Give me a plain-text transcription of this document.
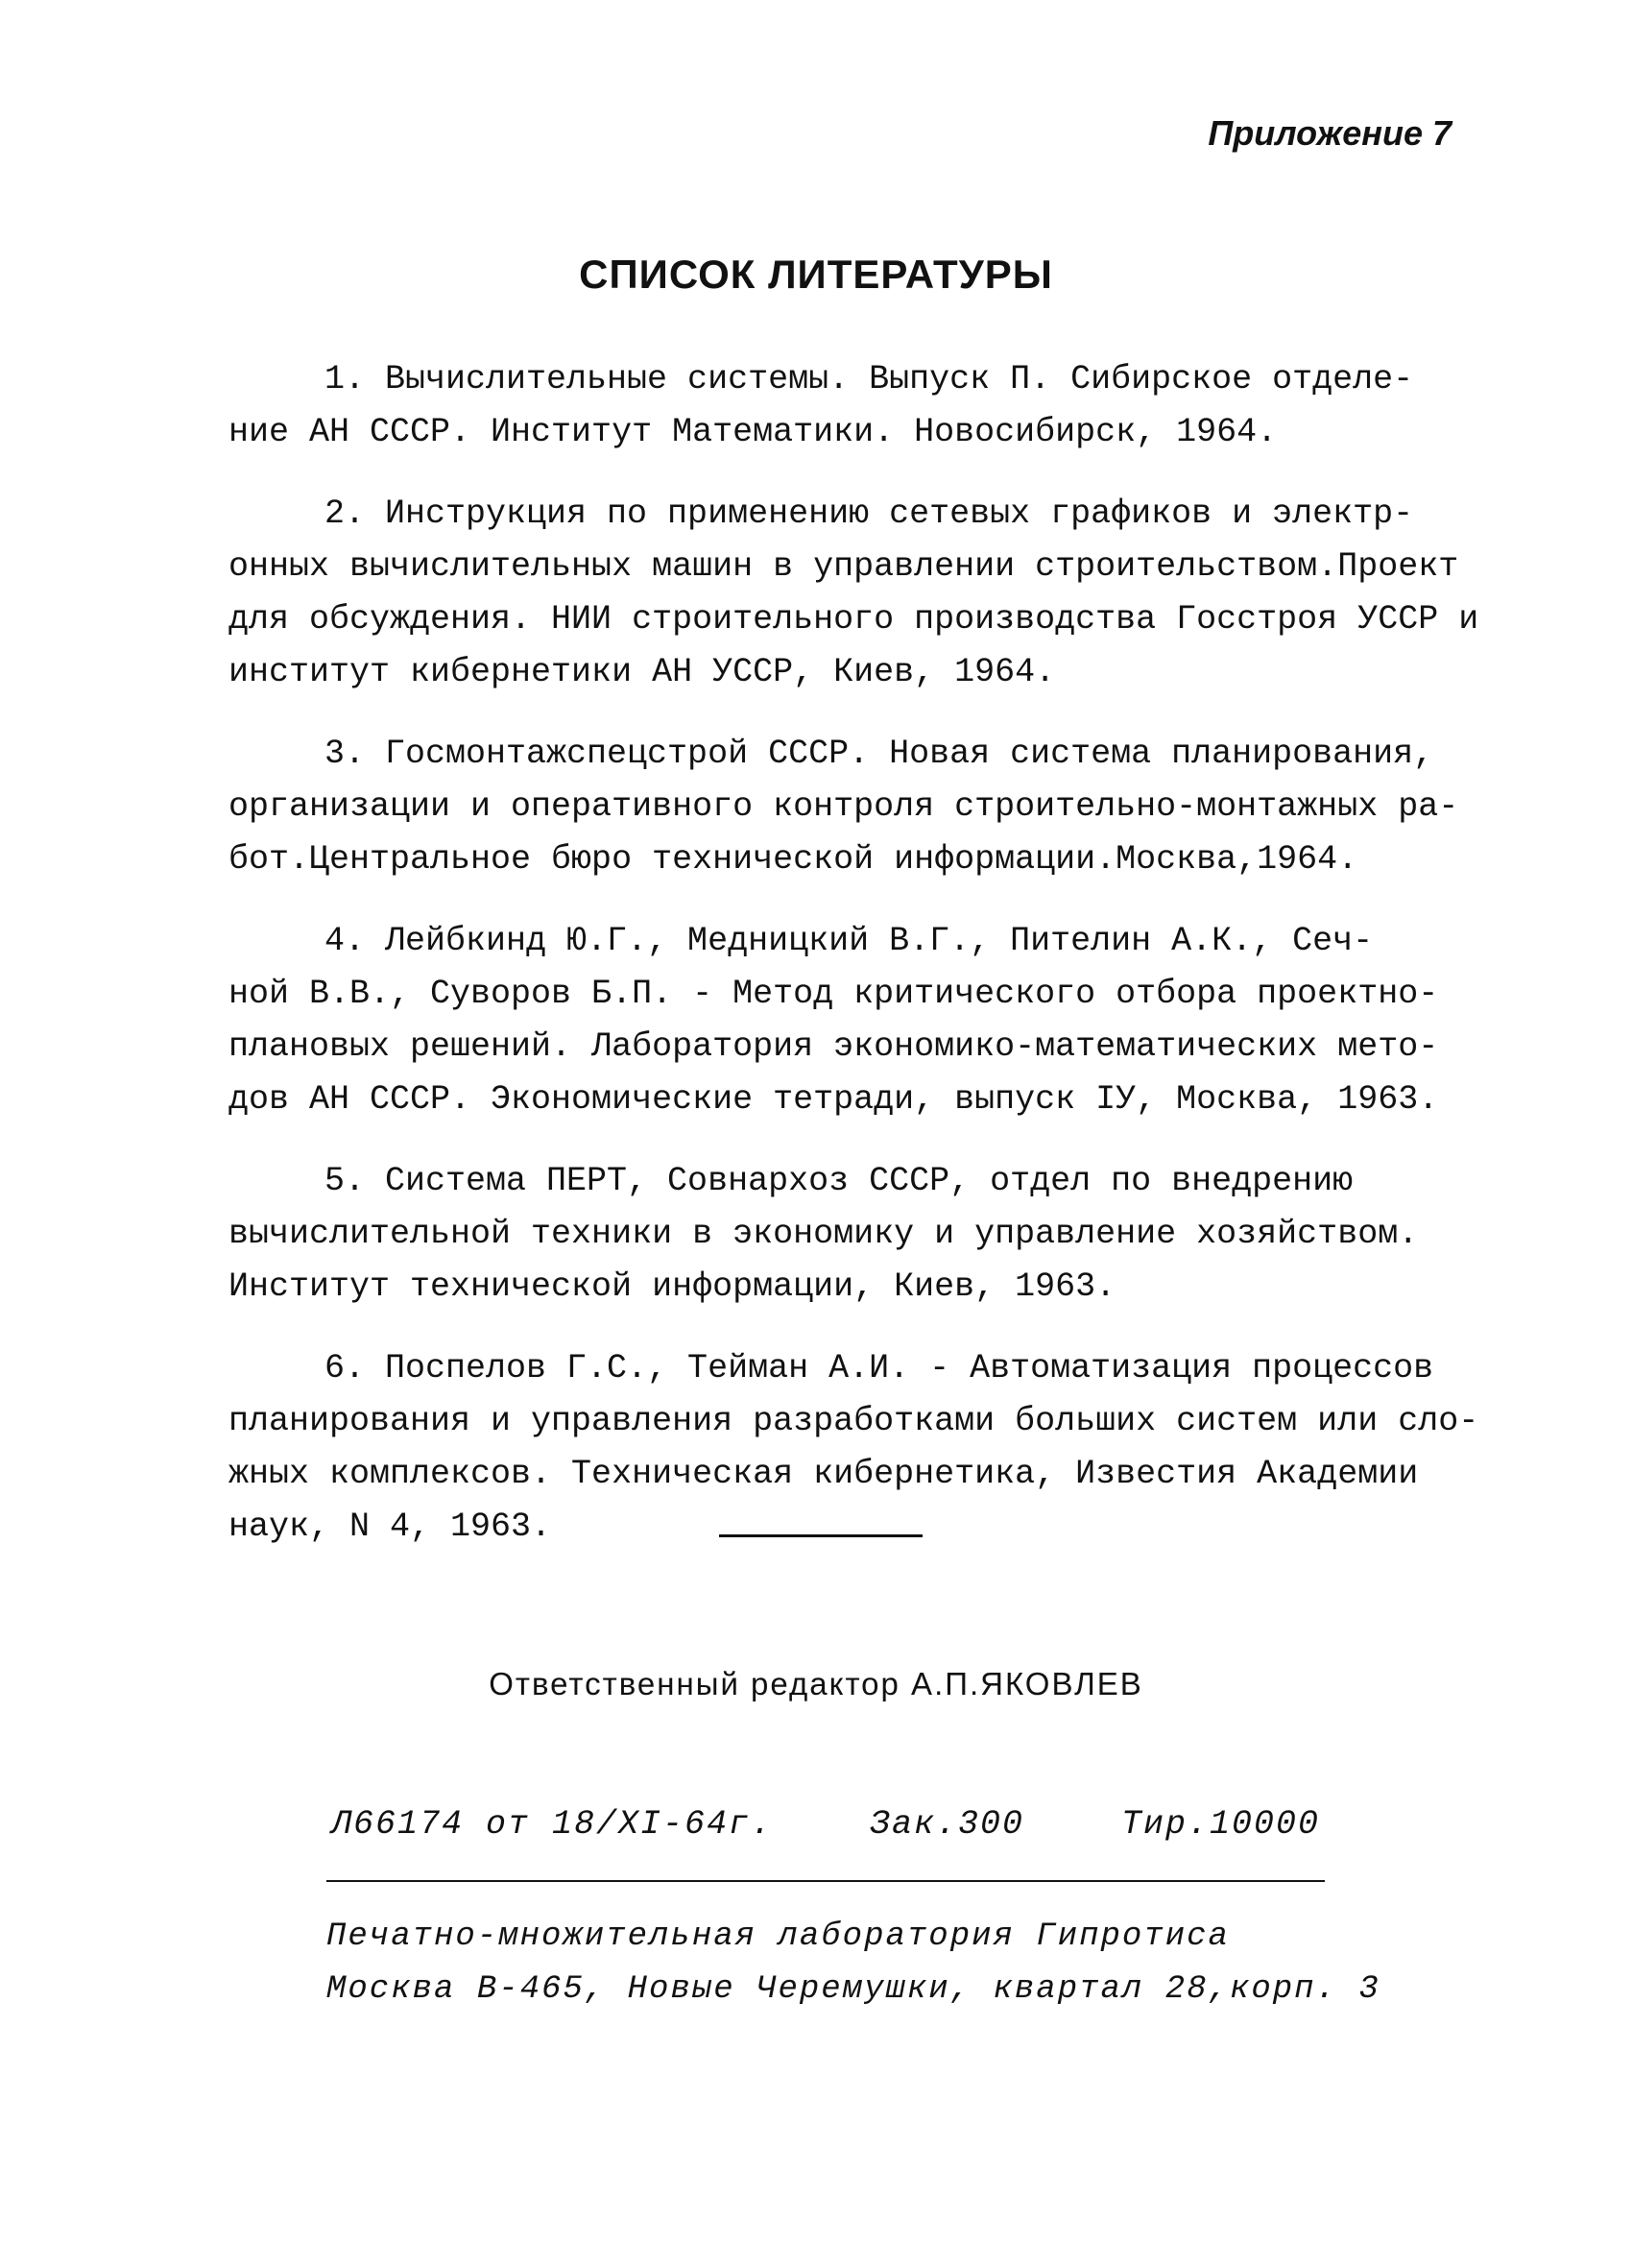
Приложение 7
СПИСОК ЛИТЕРАТУРЫ
1. Вычислительные системы. Выпуск П. Сибирское отделе-
ние АН СССР. Институт Математики. Новосибирск, 1964.
2. Инструкция по применению сетевых графиков и электр-
онных вычислительных машин в управлении строительством.Проект
для обсуждения. НИИ строительного производства Госстроя УССР и
институт кибернетики АН УССР, Киев, 1964.
3. Госмонтажспецстрой СССР. Новая система планирования,
организации и оперативного контроля строительно-монтажных ра-
бот.Центральное бюро технической информации.Москва,1964.
4. Лейбкинд Ю.Г., Медницкий В.Г., Пителин А.К., Сеч-
ной В.В., Суворов Б.П. - Метод критического отбора проектно-
плановых решений. Лаборатория экономико-математических мето-
дов АН СССР. Экономические тетради, выпуск IУ, Москва, 1963.
5. Система ПЕРТ, Совнархоз СССР, отдел по внедрению
вычислительной техники в экономику и управление хозяйством.
Институт технической информации, Киев, 1963.
6. Поспелов Г.С., Тейман А.И. - Автоматизация процессов
планирования и управления разработками больших систем или сло-
жных комплексов. Техническая кибернетика, Известия Академии
наук, N 4, 1963.
Ответственный редактор А.П.ЯКОВЛЕВ
Л66174 от 18/XI-64г.	Зак.300	Тир.10000
Печатно-множительная лаборатория Гипротиса
Москва В-465, Новые Черемушки, квартал 28,корп. 3
